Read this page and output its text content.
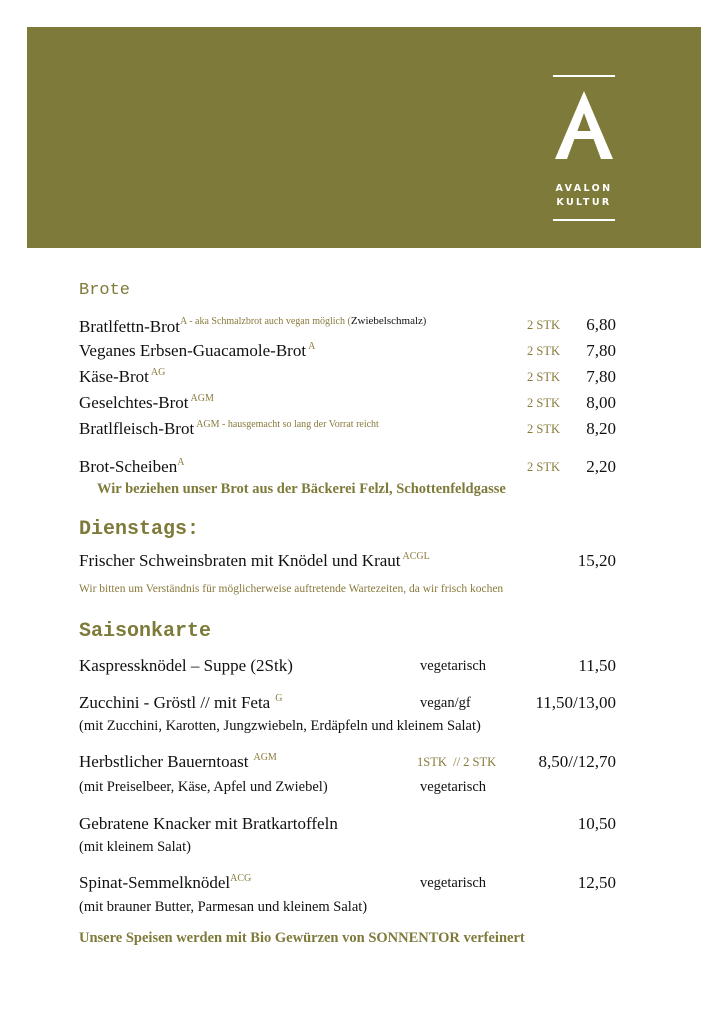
AVALON
KULTUR
Brote
Bratlfettn-Brot$^{A - aka Schmalzbrot auch vegan möglich (Zwiebelschmalz)}$	2 STK 6,80
Veganes Erbsen-Guacamole-Brot $^A$	2 STK 7,80
Käse-Brot $^{AG}$	2 STK 7,80
Geselchtes-Brot $^{AGM}$	2 STK 8,00
Bratlfleisch-Brot $^{AGM - hausgemacht so lang der Vorrat reicht}$	2 STK 8,20
Brot-Scheiben$^A$	2 STK 2,20
Wir beziehen unser Brot aus der Bäckerei Felzl, Schottenfeldgasse
Dienstags:
Frischer Schweinsbraten mit Knödel und Kraut $^{ACGL}$	15,20
Wir bitten um Verständnis für möglicherweise auftretende Wartezeiten, da wir frisch kochen
Saisonkarte
Kaspressknödel – Suppe (2Stk)	vegetarisch	11,50
Zucchini - Gröstl // mit Feta $^G$	vegan/gf	11,50/13,00
(mit Zucchini, Karotten, Jungzwiebeln, Erdäpfeln und kleinem Salat)
Herbstlicher Bauerntoast $^{AGM}$	1STK  // 2 STK 8,50//12,70
(mit Preiselbeer, Käse, Apfel und Zwiebel)	vegetarisch
Gebratene Knacker mit Bratkartoffeln	10,50
(mit kleinem Salat)
Spinat-Semmelknödel$^{ACG}$	vegetarisch	12,50
(mit brauner Butter, Parmesan und kleinem Salat)
Unsere Speisen werden mit Bio Gewürzen von SONNENTOR verfeinert
